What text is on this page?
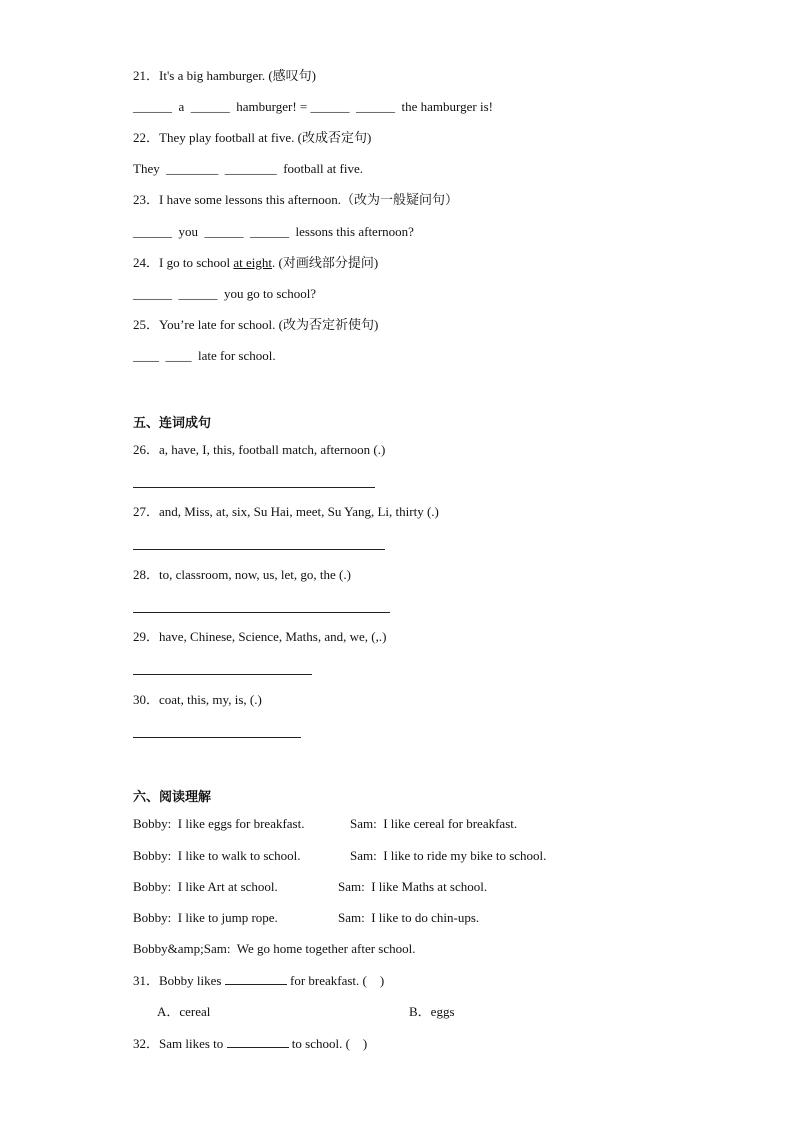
21．It's a big hamburger. (感叹句)
______  a  ______  hamburger! = ______  ______  the hamburger is!
22．They play football at five. (改成否定句)
They  ________  ________  football at five.
23．I have some lessons this afternoon.（改为一般疑问句）
______  you  ______  ______  lessons this afternoon?
24．I go to school at eight. (对画线部分提问)
______  ______  you go to school?
25．You’re late for school. (改为否定祈使句)
____  ____  late for school.
五、连词成句
26．a, have, I, this, football match, afternoon (.)
27．and, Miss, at, six, Su Hai, meet, Su Yang, Li, thirty (.)
28．to, classroom, now, us, let, go, the (.)
29．have, Chinese, Science, Maths, and, we, (,.)
30．coat, this, my, is, (.)
六、阅读理解
Bobby:  I like eggs for breakfast.	Sam:  I like cereal for breakfast.
Bobby:  I like to walk to school.	Sam:  I like to ride my bike to school.
Bobby:  I like Art at school.	Sam:  I like Maths at school.
Bobby:  I like to jump rope.	Sam:  I like to do chin-ups.
Bobby&amp;Sam:  We go home together after school.
31．Bobby likes	for breakfast. (    )
A．cereal	B．eggs
32．Sam likes to	to school. (    )
